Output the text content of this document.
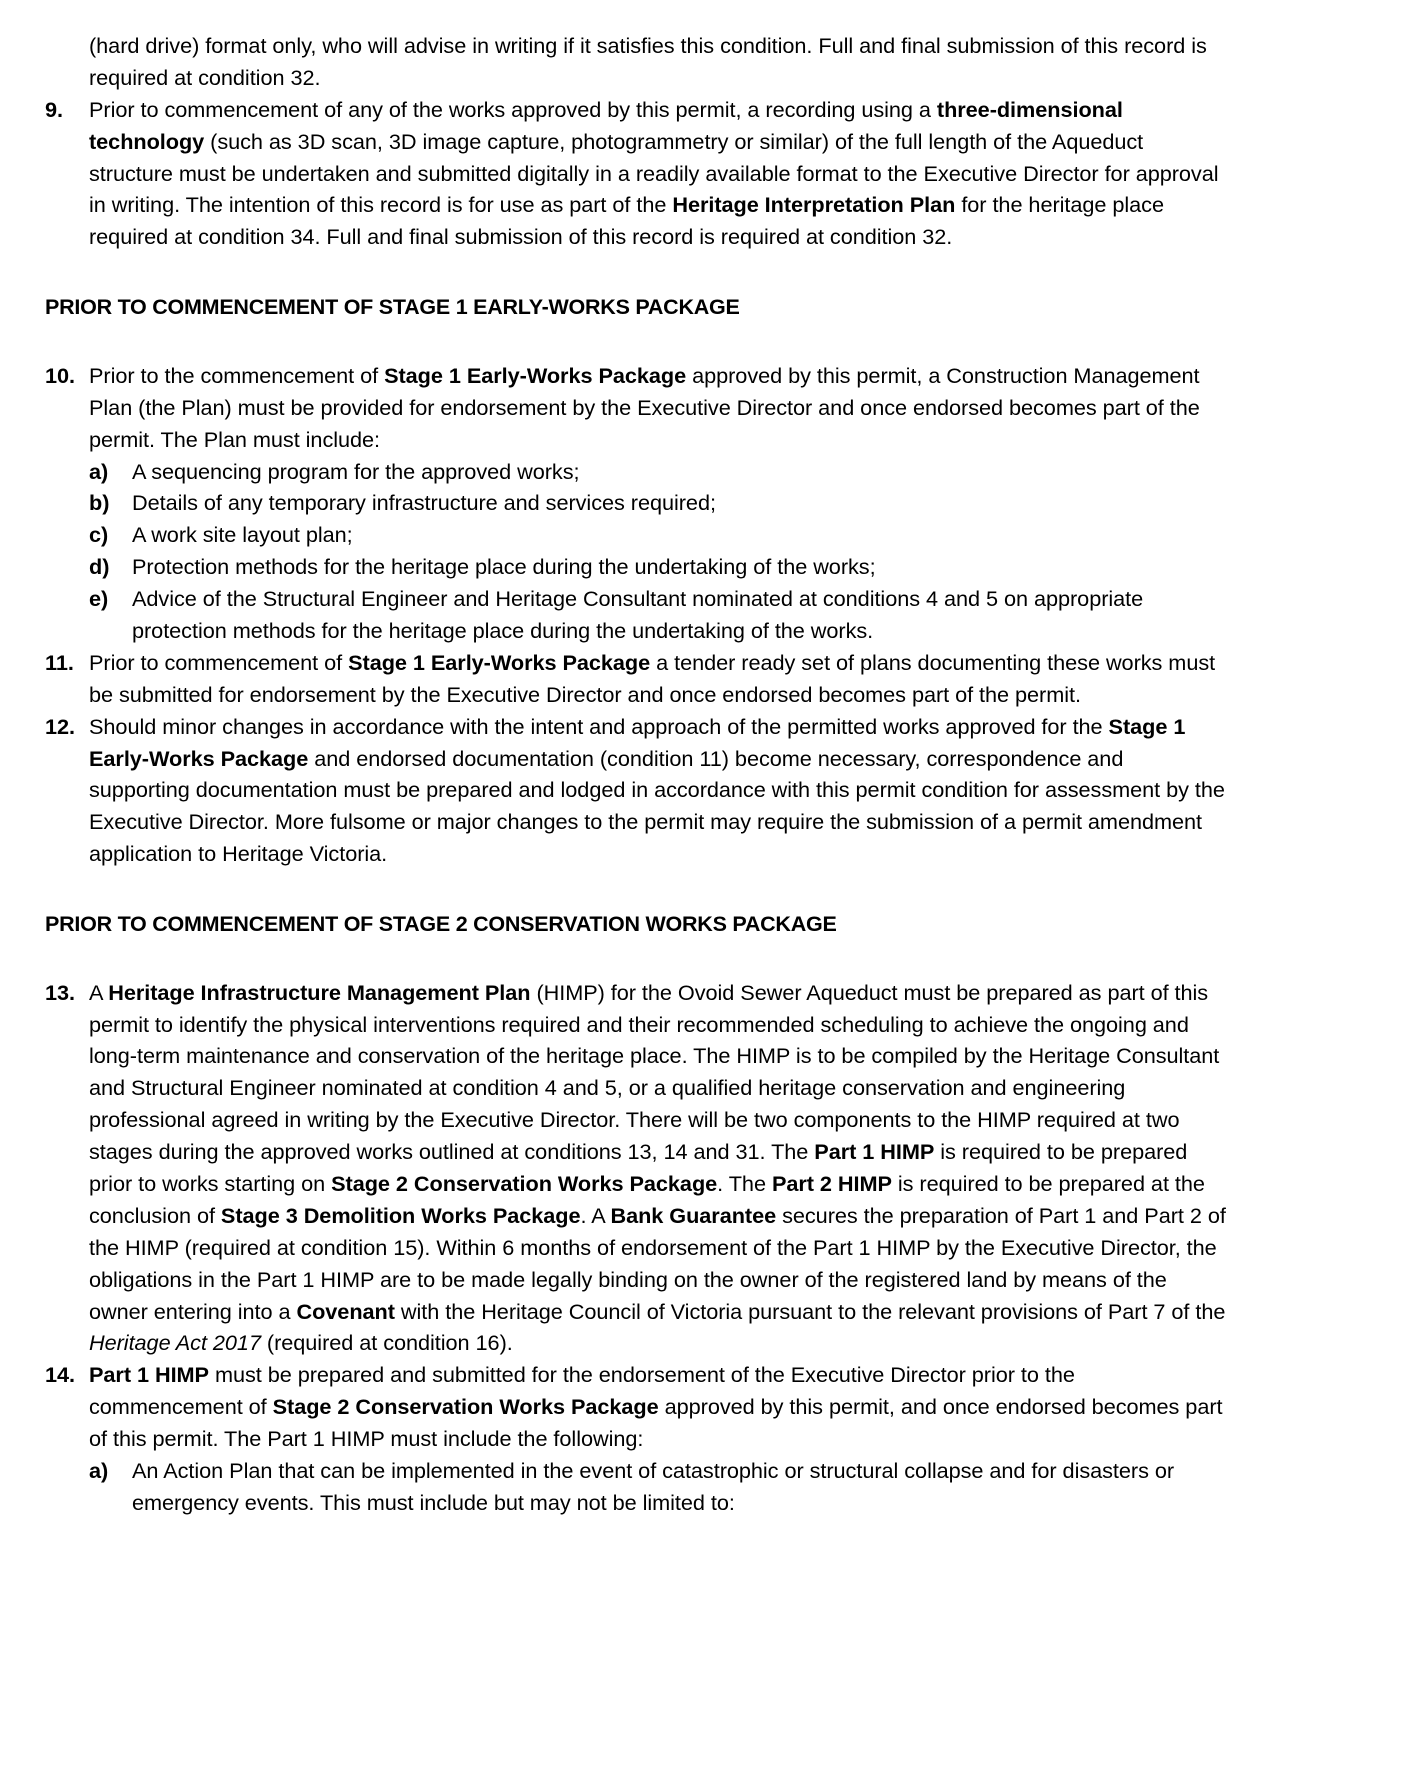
(hard drive) format only, who will advise in writing if it satisfies this condition. Full and final submission of this record is required at condition 32.

9.	Prior to commencement of any of the works approved by this permit, a recording using a three-dimensional technology (such as 3D scan, 3D image capture, photogrammetry or similar) of the full length of the Aqueduct structure must be undertaken and submitted digitally in a readily available format to the Executive Director for approval in writing. The intention of this record is for use as part of the Heritage Interpretation Plan for the heritage place required at condition 34. Full and final submission of this record is required at condition 32.

PRIOR TO COMMENCEMENT OF STAGE 1 EARLY-WORKS PACKAGE

10. Prior to the commencement of Stage 1 Early-Works Package approved by this permit, a Construction Management Plan (the Plan) must be provided for endorsement by the Executive Director and once endorsed becomes part of the permit. The Plan must include:
a)	A sequencing program for the approved works;
b)	Details of any temporary infrastructure and services required;
c)	A work site layout plan;
d)	Protection methods for the heritage place during the undertaking of the works;
e)	Advice of the Structural Engineer and Heritage Consultant nominated at conditions 4 and 5 on appropriate protection methods for the heritage place during the undertaking of the works.
11. Prior to commencement of Stage 1 Early-Works Package a tender ready set of plans documenting these works must be submitted for endorsement by the Executive Director and once endorsed becomes part of the permit.
12. Should minor changes in accordance with the intent and approach of the permitted works approved for the Stage 1 Early-Works Package and endorsed documentation (condition 11) become necessary, correspondence and supporting documentation must be prepared and lodged in accordance with this permit condition for assessment by the Executive Director. More fulsome or major changes to the permit may require the submission of a permit amendment application to Heritage Victoria.

PRIOR TO COMMENCEMENT OF STAGE 2 CONSERVATION WORKS PACKAGE

13. A Heritage Infrastructure Management Plan (HIMP) for the Ovoid Sewer Aqueduct must be prepared as part of this permit to identify the physical interventions required and their recommended scheduling to achieve the ongoing and long-term maintenance and conservation of the heritage place. The HIMP is to be compiled by the Heritage Consultant and Structural Engineer nominated at condition 4 and 5, or a qualified heritage conservation and engineering professional agreed in writing by the Executive Director. There will be two components to the HIMP required at two stages during the approved works outlined at conditions 13, 14 and 31. The Part 1 HIMP is required to be prepared prior to works starting on Stage 2 Conservation Works Package. The Part 2 HIMP is required to be prepared at the conclusion of Stage 3 Demolition Works Package. A Bank Guarantee secures the preparation of Part 1 and Part 2 of the HIMP (required at condition 15). Within 6 months of endorsement of the Part 1 HIMP by the Executive Director, the obligations in the Part 1 HIMP are to be made legally binding on the owner of the registered land by means of the owner entering into a Covenant with the Heritage Council of Victoria pursuant to the relevant provisions of Part 7 of the Heritage Act 2017 (required at condition 16).
14. Part 1 HIMP must be prepared and submitted for the endorsement of the Executive Director prior to the commencement of Stage 2 Conservation Works Package approved by this permit, and once endorsed becomes part of this permit. The Part 1 HIMP must include the following:
a)	An Action Plan that can be implemented in the event of catastrophic or structural collapse and for disasters or emergency events. This must include but may not be limited to:
